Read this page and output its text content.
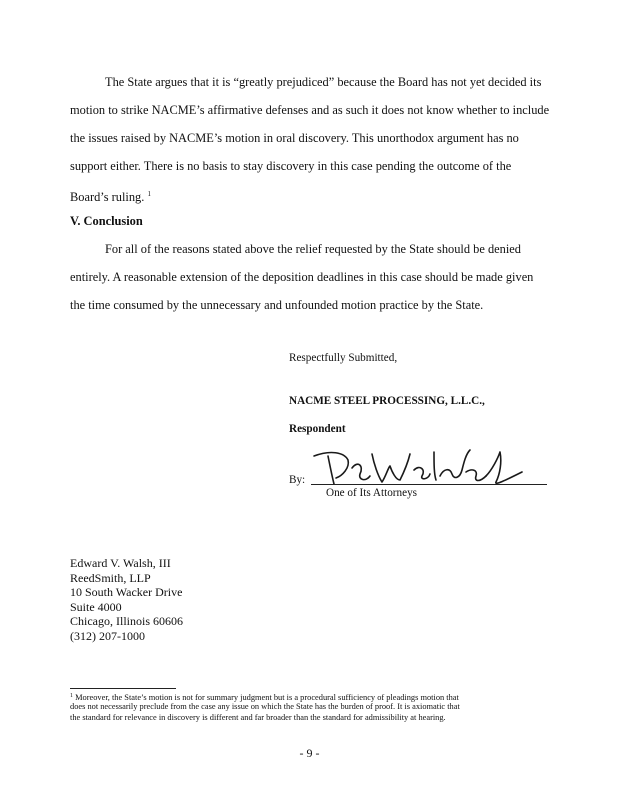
The State argues that it is “greatly prejudiced” because the Board has not yet decided its
motion to strike NACME’s affirmative defenses and as such it does not know whether to include
the issues raised by NACME’s motion in oral discovery. This unorthodox argument has no
support either. There is no basis to stay discovery in this case pending the outcome of the
Board’s ruling. $^1$
V. Conclusion
For all of the reasons stated above the relief requested by the State should be denied
entirely. A reasonable extension of the deposition deadlines in this case should be made given
the time consumed by the unnecessary and unfounded motion practice by the State.
Respectfully Submitted,
NACME STEEL PROCESSING, L.L.C.,
Respondent
By:
One of Its Attorneys
Edward V. Walsh, III
ReedSmith, LLP
10 South Wacker Drive
Suite 4000
Chicago, Illinois 60606
(312) 207-1000
$^1$ Moreover, the State’s motion is not for summary judgment but is a procedural sufficiency of pleadings motion that
does not necessarily preclude from the case any issue on which the State has the burden of proof. It is axiomatic that
the standard for relevance in discovery is different and far broader than the standard for admissibility at hearing.
- 9 -
